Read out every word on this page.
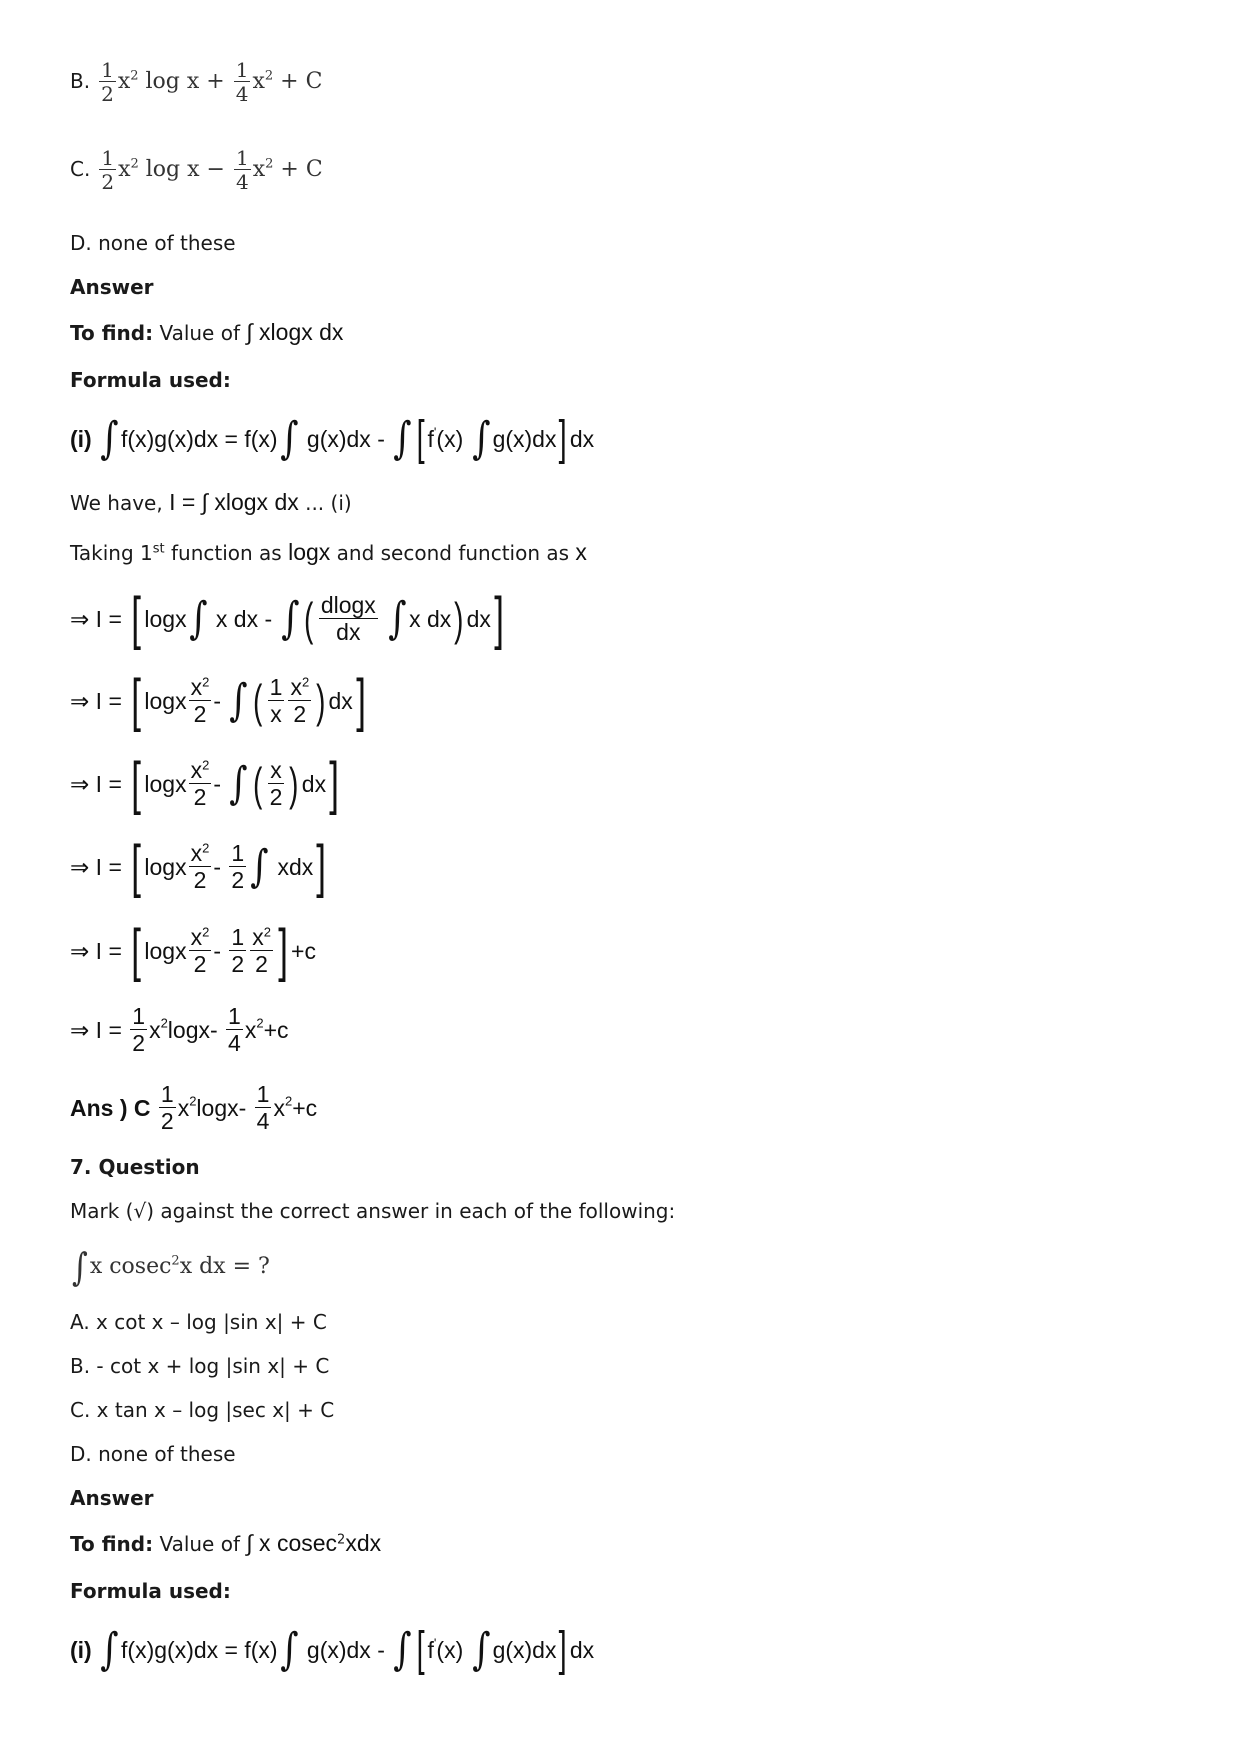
B. $\frac{1}{2} x^2$ $\log x + \frac{1}{4} x^2 + C$
C. $\frac{1}{2} x^2$ $\log x - \frac{1}{4} x^2 + C$
D. none of these
Answer
To find: Value of ∫ xlogx dx
Formula used:
(i) ∫f(x)g(x)dx = f(x)∫ g(x)dx - ∫ [ f'(x) ∫g(x)dx] dx
We have, I = ∫ xlogx dx ... (i)
Taking 1st function as logx and second function as x
⇒ I = [ logx∫ x dx - ∫ ( $\frac{dlogx}{dx} \int x$ dx) dx]
⇒ I = [ logx $\frac{x^2}{2}$ - ∫ ( $\frac{1}{x} \frac{x^2}{2}$ ) dx]
⇒ I = [ logx $\frac{x^2}{2}$ - ∫ ( $\frac{x}{2}$ ) dx]
⇒ I = [ logx $\frac{x^2}{2} - \frac{1}{2}$ ∫ xdx]
⇒ I = [ logx $\frac{x^2}{2} - \frac{1}{2} \frac{x^2}{2}$ ] +c
⇒ $I = \frac{1}{2} x^2\log x- \frac{1}{4} x^2+c$
Ans ) C $\frac{1}{2} x^2\log x- \frac{1}{4} x^2+c$
7. Question
Mark (√) against the correct answer in each of the following:
∫x cosec$^2$x dx = ?
A. x cot x – log |sin x| + C
B. - cot x + log |sin x| + C
C. x tan x – log |sec x| + C
D. none of these
Answer
To find: Value of ∫ x cosec$^2$xdx
Formula used:
(i) ∫f(x)g(x)dx = f(x)∫ g(x)dx - ∫ [ f'(x) ∫g(x)dx] dx
